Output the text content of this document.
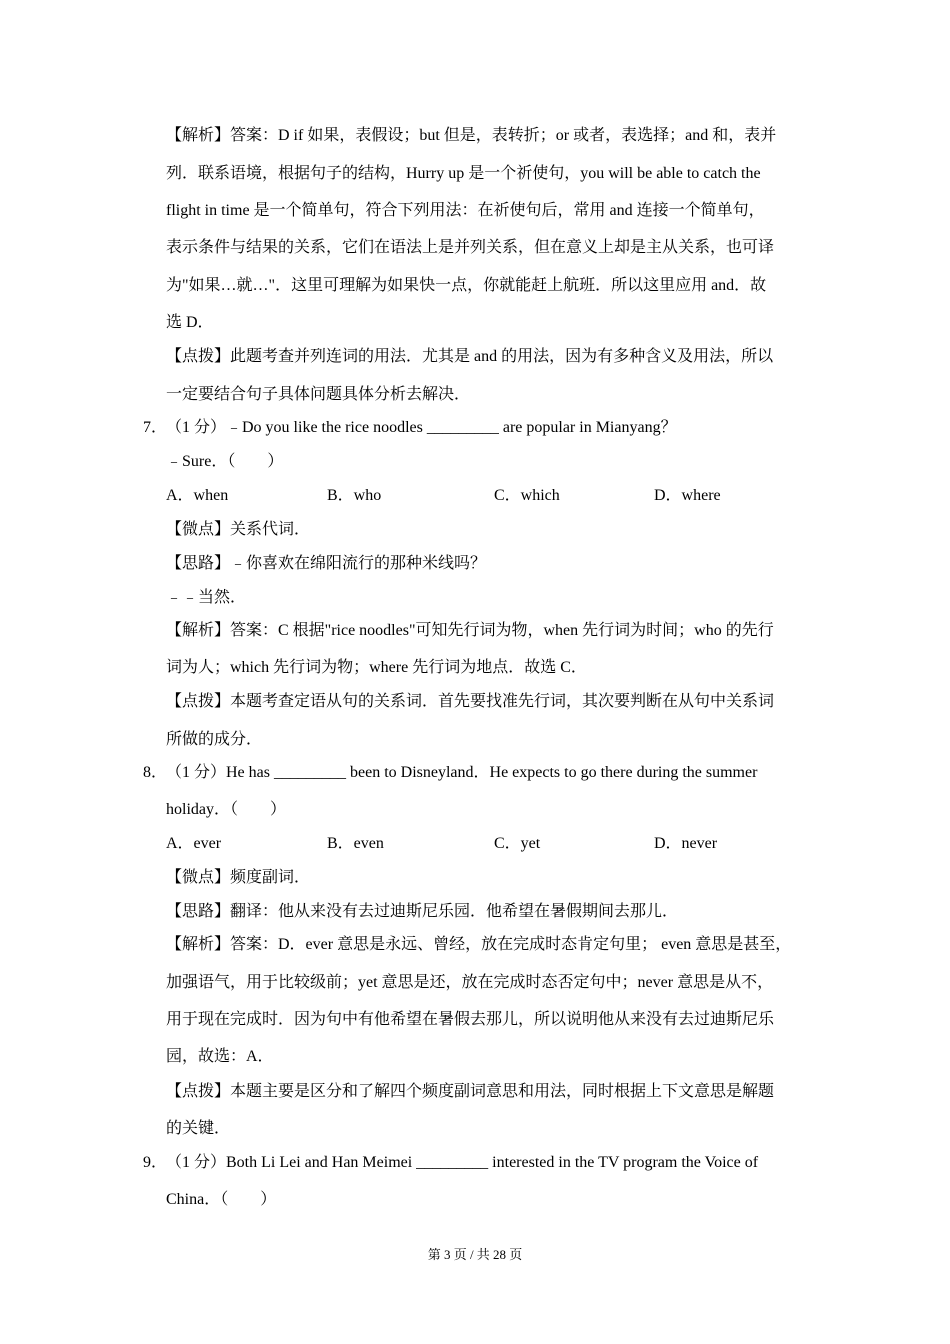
【解析】答案：D if 如果，表假设；but 但是，表转折；or 或者，表选择；and 和，表并
列．联系语境，根据句子的结构，Hurry up 是一个祈使句，you will be able to catch the
flight in time 是一个简单句，符合下列用法：在祈使句后，常用 and 连接一个简单句，
表示条件与结果的关系，它们在语法上是并列关系，但在意义上却是主从关系，也可译
为"如果…就…"．这里可理解为如果快一点，你就能赶上航班．所以这里应用 and．故
选 D．
【点拨】此题考查并列连词的用法．尤其是 and 的用法，因为有多种含义及用法，所以
一定要结合句子具体问题具体分析去解决．
7．
（1 分）﹣Do you like the rice noodles _________ are popular in Mianyang？
﹣Sure．（　　）
A．when	B．who	C．which	D．where
【微点】关系代词．
【思路】﹣你喜欢在绵阳流行的那种米线吗？
﹣﹣当然．
【解析】答案：C 根据"rice noodles"可知先行词为物，when 先行词为时间；who 的先行
词为人；which 先行词为物；where 先行词为地点．故选 C．
【点拨】本题考查定语从句的关系词．首先要找准先行词，其次要判断在从句中关系词
所做的成分．
8．
（1 分）He has _________ been to Disneyland．He expects to go there during the summer
holiday．（　　）
A．ever	B．even	C．yet	D．never
【微点】频度副词．
【思路】翻译：他从来没有去过迪斯尼乐园．他希望在暑假期间去那儿．
【解析】答案：D．ever 意思是永远、曾经，放在完成时态肯定句里； even 意思是甚至，
加强语气，用于比较级前；yet 意思是还，放在完成时态否定句中；never 意思是从不，
用于现在完成时．因为句中有他希望在暑假去那儿，所以说明他从来没有去过迪斯尼乐
园，故选：A．
【点拨】本题主要是区分和了解四个频度副词意思和用法，同时根据上下文意思是解题
的关键．
9．
（1 分）Both Li Lei and Han Meimei _________ interested in the TV program the Voice of
China．（　　）
第 3 页 / 共 28 页
